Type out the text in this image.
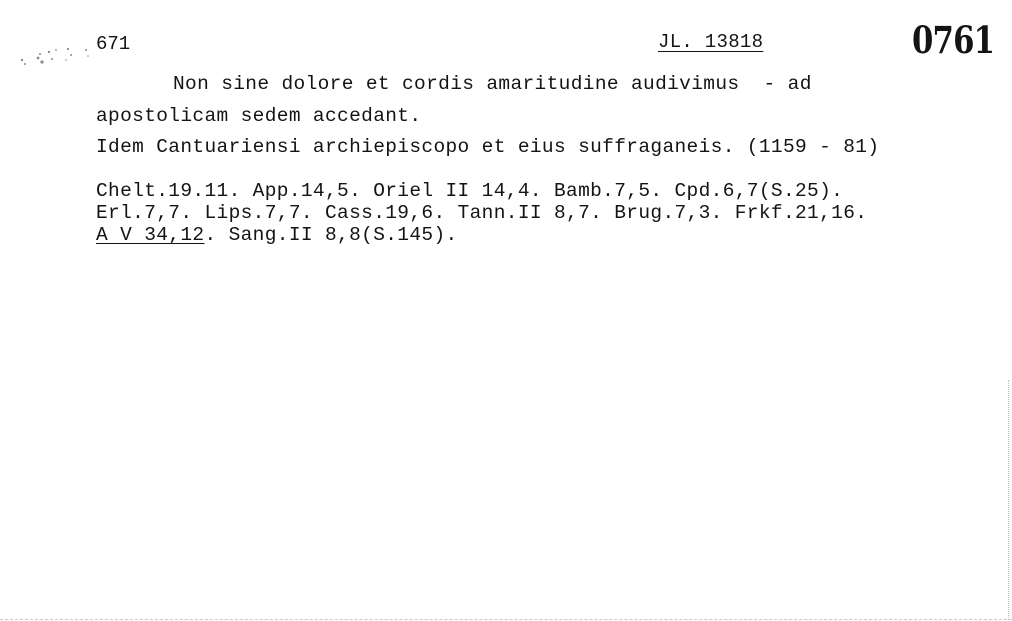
671	JL. 13818	0761
Non sine dolore et cordis amaritudine audivimus  - ad
apostolicam sedem accedant.
Idem Cantuariensi archiepiscopo et eius suffraganeis. (1159 - 81)
Chelt.19.11. App.14,5. Oriel II 14,4. Bamb.7,5. Cpd.6,7(S.25).
Erl.7,7. Lips.7,7. Cass.19,6. Tann.II 8,7. Brug.7,3. Frkf.21,16.
A V 34,12. Sang.II 8,8(S.145).
